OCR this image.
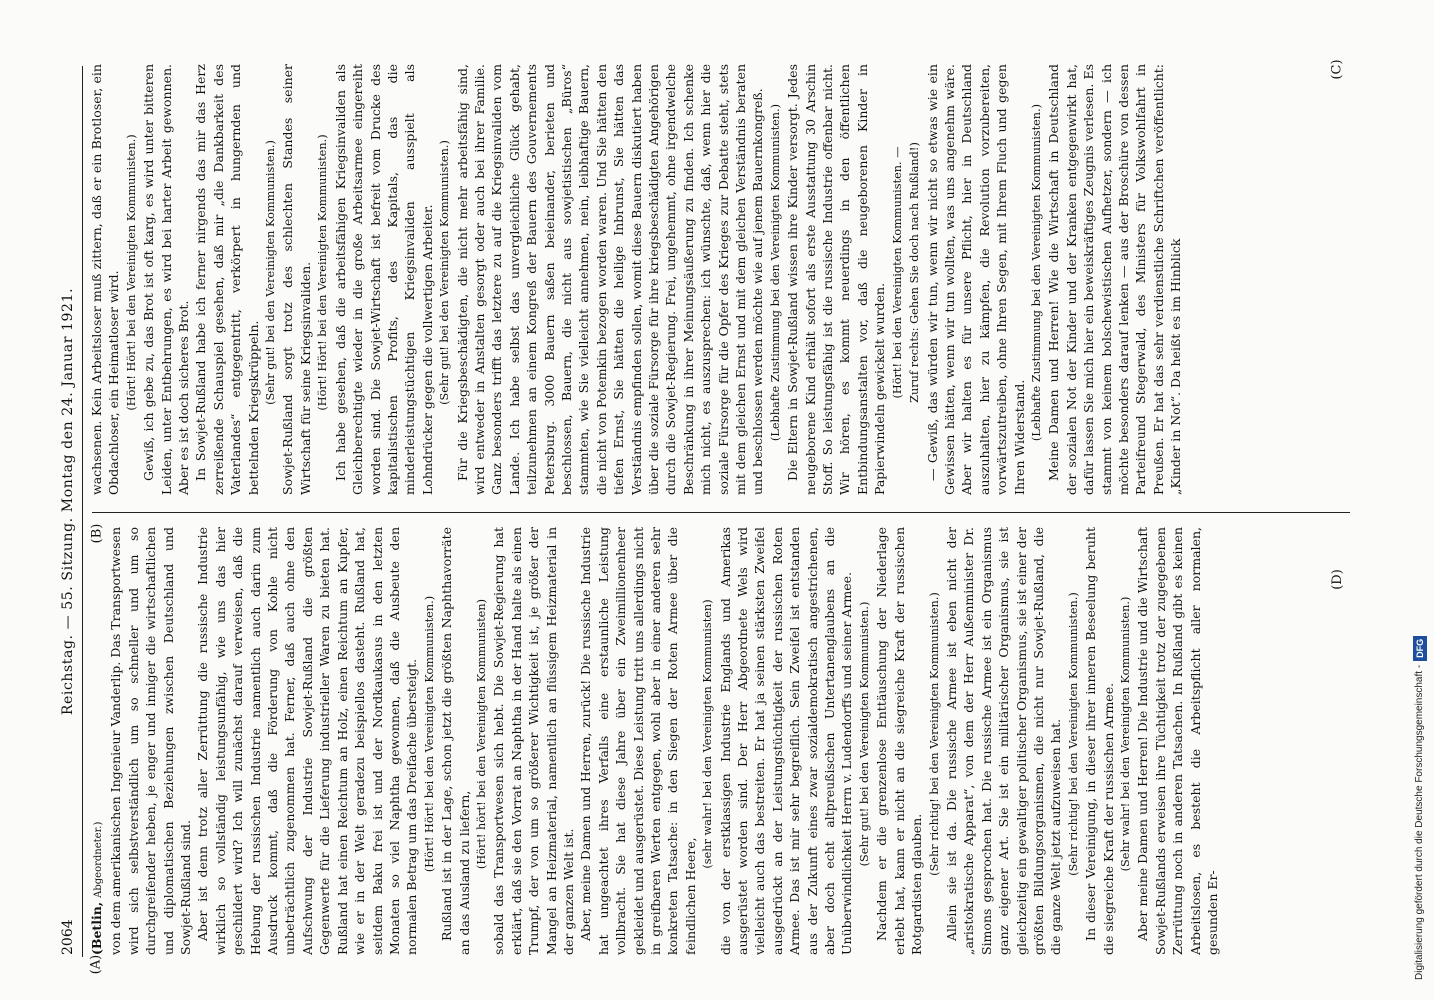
(B)
(A)
(C)
(D)
2064
Reichstag. — 55. Sitzung. Montag den 24. Januar 1921.

(Betlin, Abgeordneter.) von dem amerikanischen Ingenieur Vanderlip. Das Transportwesen wird sich selbstverständlich um so schneller und um so durchgreifender heben, je enger und inniger die wirtschaftlichen und diplomatischen Beziehungen zwischen Deutschland und Sowjet-Rußland sind. Aber ist denn trotz aller Zerrüttung die russische Industrie wirklich so vollständig leistungsunfähig, wie uns das hier geschildert wird? Ich will zunächst darauf verweisen, daß die Hebung der russischen Industrie namentlich auch darin zum Ausdruck kommt, daß die Förderung von Kohle nicht unbeträchtlich zugenommen hat. Ferner, daß auch ohne den Aufschwung der Industrie Sowjet-Rußland die größten Gegenwerte für die Lieferung industrieller Waren zu bieten hat. Rußland hat einen Reichtum an Holz, einen Reichtum an Kupfer, wie er in der Welt geradezu beispiellos dasteht. Rußland hat, seitdem Baku frei ist und der Nordkaukasus in den letzten Monaten so viel Naphtha gewonnen, daß die Ausbeute den normalen Betrag um das Dreifache übersteigt. (Hört! Hört! bei den Vereinigten Kommunisten.) Rußland ist in der Lage, schon jetzt die größten Naphthavorräte an das Ausland zu liefern,

(Hört! hört! bei den Vereinigten Kommunisten) sobald das Transportwesen sich hebt. Die Sowjet-Regierung hat erklärt, daß sie den Vorrat an Naphtha in der Hand halte als einen Trumpf, der von um so größerer Wichtigkeit ist, je größer der Mangel an Heizmaterial, namentlich an flüssigem Heizmaterial in der ganzen Welt ist. Aber, meine Damen und Herren, zurück! Die russische Industrie hat ungeachtet ihres Verfalls eine erstaunliche Leistung vollbracht. Sie hat diese Jahre über ein Zweimillionenheer gekleidet und ausgerüstet. Diese Leistung tritt uns allerdings nicht in greifbaren Werten entgegen, wohl aber in einer anderen sehr konkreten Tatsache: in den Siegen der Roten Armee über die feindlichen Heere,

(sehr wahr! bei den Vereinigten Kommunisten) die von der erstklassigen Industrie Englands und Amerikas ausgerüstet worden sind. Der Herr Abgeordnete Wels wird vielleicht auch das bestreiten. Er hat ja seinen stärksten Zweifel ausgedrückt an der Leistungstüchtigkeit der russischen Roten Armee. Das ist mir sehr begreiflich. Sein Zweifel ist entstanden aus der Zukunft eines zwar sozialdemokratisch angestrichenen, aber doch echt altpreußischen Untertanenglaubens an die Unüberwindlichkeit Herrn v. Ludendorffs und seiner Armee. (Sehr gut! bei den Vereinigten Kommunisten.) Nachdem er die grenzenlose Enttäuschung der Niederlage erlebt hat, kann er nicht an die siegreiche Kraft der russischen Rotgardisten glauben.

(Sehr richtig! bei den Vereinigten Kommunisten.) Allein sie ist da. Die russische Armee ist eben nicht der „aristokratische Apparat“, von dem der Herr Außenminister Dr. Simons gesprochen hat. Die russische Armee ist ein Organismus ganz eigener Art. Sie ist ein militärischer Organismus, sie ist gleichzeitig ein gewaltiger politischer Organismus, sie ist einer der größten Bildungsorganismen, die nicht nur Sowjet-Rußland, die die ganze Welt jetzt aufzuweisen hat. (Sehr richtig! bei den Vereinigten Kommunisten.) In dieser Vereinigung, in dieser ihrer inneren Beseelung beruht die siegreiche Kraft der russischen Armee. (Sehr wahr! bei den Vereinigten Kommunisten.) Aber meine Damen und Herren! Die Industrie und die Wirtschaft Sowjet-Rußlands erweisen ihre Tüchtigkeit trotz der zugegebenen Zerrüttung noch in anderen Tatsachen. In Rußland gibt es keinen Arbeitslosen, es besteht die Arbeitspflicht aller normalen, gesunden Er-

wachsenen. Kein Arbeitsloser muß zittern, daß er ein Brotloser, ein Obdachloser, ein Heimatloser wird. (Hört! Hört! bei den Vereinigten Kommunisten.) Gewiß, ich gebe zu, das Brot ist oft karg, es wird unter bitteren Leiden, unter Entbehrungen, es wird bei harter Arbeit gewonnen. Aber es ist doch sicheres Brot. In Sowjet-Rußland habe ich ferner nirgends das mir das Herz zerreißende Schauspiel gesehen, daß mir „die Dankbarkeit des Vaterlandes“ entgegentritt, verkörpert in hungernden und bettelnden Kriegskrüppeln.

(Sehr gut! bei den Vereinigten Kommunisten.) Sowjet-Rußland sorgt trotz des schlechten Standes seiner Wirtschaft für seine Kriegsinvaliden. (Hört! Hört! bei den Vereinigten Kommunisten.) Ich habe gesehen, daß die arbeitsfähigen Kriegsinvaliden als Gleichberechtigte wieder in die große Arbeitsarmee eingereiht worden sind. Die Sowjet-Wirtschaft ist befreit vom Drucke des kapitalistischen Profits, des Kapitals, das die minderleistungstüchtigen Kriegsinvaliden ausspielt als Lohndrücker gegen die vollwertigen Arbeiter. (Sehr gut! bei den Vereinigten Kommunisten.) Für die Kriegsbeschädigten, die nicht mehr arbeitsfähig sind, wird entweder in Anstalten gesorgt oder auch bei ihrer Familie. Ganz besonders trifft das letztere zu auf die Kriegsinvaliden vom Lande. Ich habe selbst das unvergleichliche Glück gehabt, teilzunehmen an einem Kongreß der Bauern des Gouvernements Petersburg. 3000 Bauern saßen beieinander, berieten und beschlossen, Bauern, die nicht aus sowjetistischen „Büros“ stammten, wie Sie vielleicht annehmen, nein, leibhaftige Bauern, die nicht von Potemkin bezogen worden waren. Und Sie hätten den tiefen Ernst, Sie hätten die heilige Inbrunst, Sie hätten das Verständnis empfinden sollen, womit diese Bauern diskutiert haben über die soziale Fürsorge für ihre kriegsbeschädigten Angehörigen durch die Sowjet-Regierung. Frei, ungehemmt, ohne irgendwelche Beschränkung in ihrer Meinungsäußerung zu finden. Ich schenke mich nicht, es auszusprechen: ich wünschte, daß, wenn hier die soziale Fürsorge für die Opfer des Krieges zur Debatte steht, stets mit dem gleichen Ernst und mit dem gleichen Verständnis beraten und beschlossen werden möchte wie auf jenem Bauernkongreß. (Lebhafte Zustimmung bei den Vereinigten Kommunisten.) Die Eltern in Sowjet-Rußland wissen ihre Kinder versorgt. Jedes neugeborene Kind erhält sofort als erste Ausstattung 30 Arschin Stoff. So leistungsfähig ist die russische Industrie offenbar nicht. Wir hören, es kommt neuerdings in den öffentlichen Entbindungsanstalten vor, daß die neugeborenen Kinder in Papierwindeln gewickelt wurden. (Hört! bei den Vereinigten Kommunisten. — Zuruf rechts: Gehen Sie doch nach Rußland!) — Gewiß, das würden wir tun, wenn wir nicht so etwas wie ein Gewissen hätten, wenn wir tun wollten, was uns angenehm wäre. Aber wir halten es für unsere Pflicht, hier in Deutschland auszuhalten, hier zu kämpfen, die Revolution vorzubereiten, vorwärtszutreiben, ohne Ihren Segen, mit Ihrem Fluch und gegen Ihren Widerstand. (Lebhafte Zustimmung bei den Vereinigten Kommunisten.) Meine Damen und Herren! Wie die Wirtschaft in Deutschland der sozialen Not der Kinder und der Kranken entgegenwirkt hat, dafür lassen Sie mich hier ein beweiskräftiges Zeugnis verlesen. Es stammt von keinem bolschewistischen Aufhetzer, sondern — ich möchte besonders darauf lenken — aus der Broschüre von dessen Parteifreund Stegerwald, des Ministers für Volkswohlfahrt in Preußen. Er hat das sehr verdienstliche Schriftchen veröffentlicht: „Kinder in Not“. Da heißt es im Hinblick

Digitalisierung gefördert durch die Deutsche Forschungsgemeinschaft -
DFG
